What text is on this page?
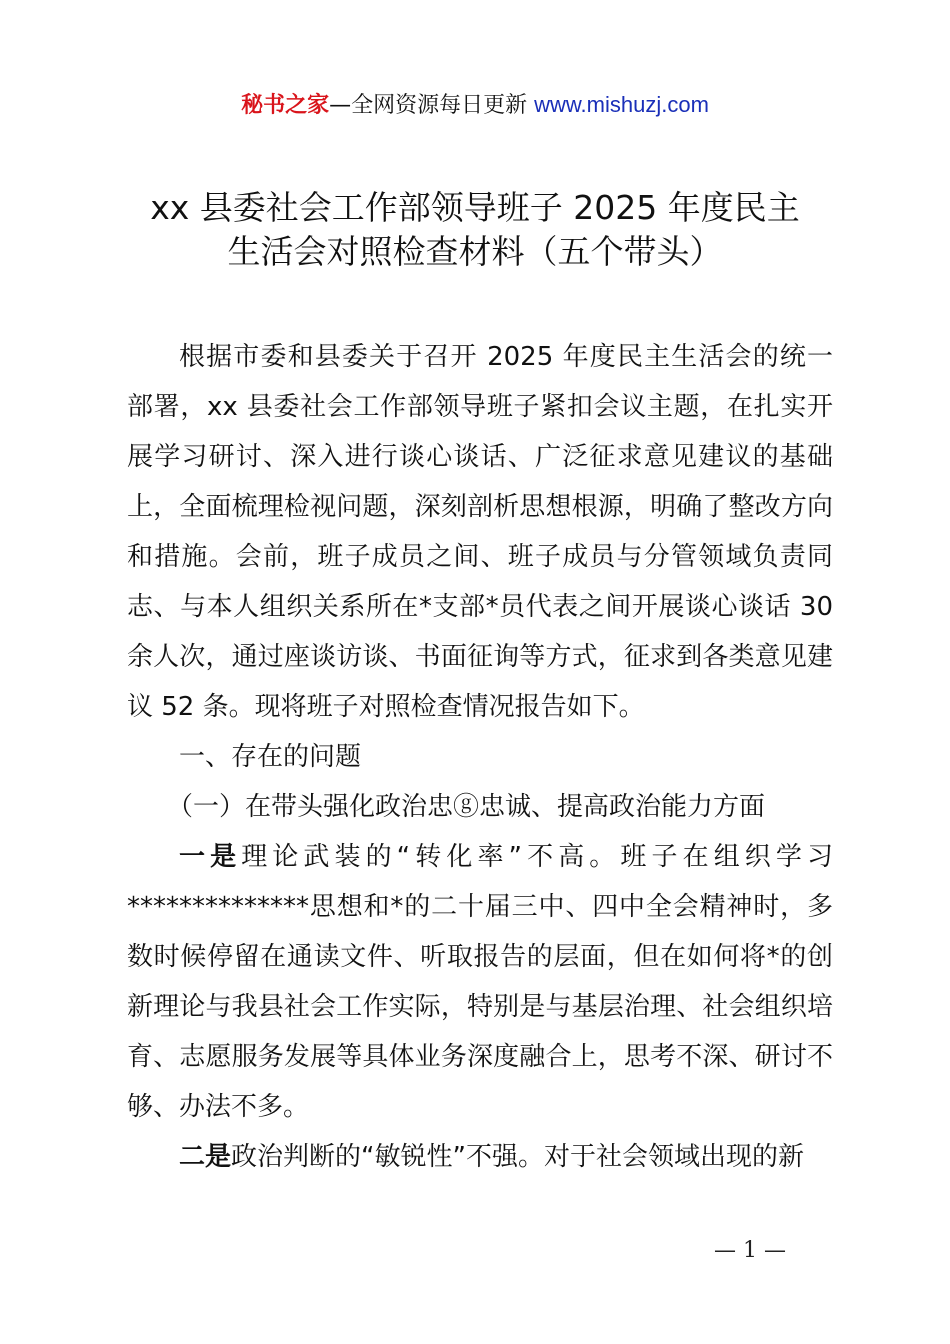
秘书之家—全网资源每日更新 www.mishuzj.com
xx 县委社会工作部领导班子 2025 年度民主
生活会对照检查材料（五个带头）

根据市委和县委关于召开 2025 年度民主生活会的统一部署，xx 县委社会工作部领导班子紧扣会议主题，在扎实开展学习研讨、深入进行谈心谈话、广泛征求意见建议的基础上，全面梳理检视问题，深刻剖析思想根源，明确了整改方向和措施。会前，班子成员之间、班子成员与分管领域负责同志、与本人组织关系所在*支部*员代表之间开展谈心谈话 30 余人次，通过座谈访谈、书面征询等方式，征求到各类意见建议 52 条。现将班子对照检查情况报告如下。

一、存在的问题

（一）在带头强化政治忠ⓖ忠诚、提高政治能力方面

一是理论武装的“转化率”不高。班子在组织学习**************思想和*的二十届三中、四中全会精神时，多数时候停留在通读文件、听取报告的层面，但在如何将*的创新理论与我县社会工作实际，特别是与基层治理、社会组织培育、志愿服务发展等具体业务深度融合上，思考不深、研讨不够、办法不多。

二是政治判断的“敏锐性”不强。对于社会领域出现的新

— 1 —
